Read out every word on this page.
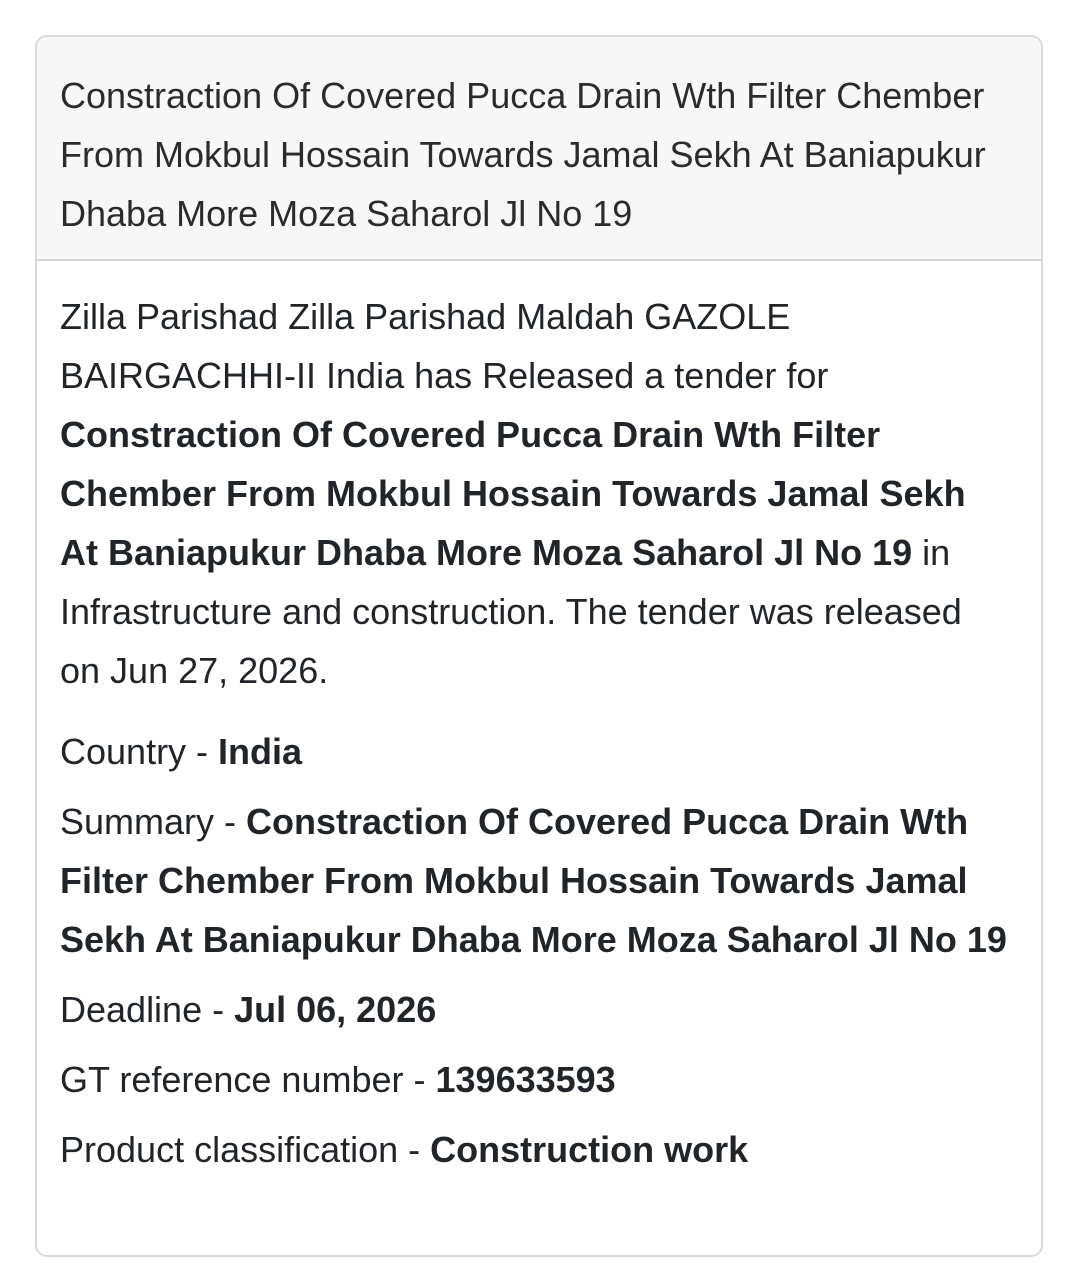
Constraction Of Covered Pucca Drain Wth Filter Chember From Mokbul Hossain Towards Jamal Sekh At Baniapukur Dhaba More Moza Saharol Jl No 19

Zilla Parishad Zilla Parishad Maldah GAZOLE BAIRGACHHI-II India has Released a tender for Constraction Of Covered Pucca Drain Wth Filter Chember From Mokbul Hossain Towards Jamal Sekh At Baniapukur Dhaba More Moza Saharol Jl No 19 in Infrastructure and construction. The tender was released on Jun 27, 2026.

Country - India

Summary - Constraction Of Covered Pucca Drain Wth Filter Chember From Mokbul Hossain Towards Jamal Sekh At Baniapukur Dhaba More Moza Saharol Jl No 19

Deadline - Jul 06, 2026

GT reference number - 139633593

Product classification - Construction work
